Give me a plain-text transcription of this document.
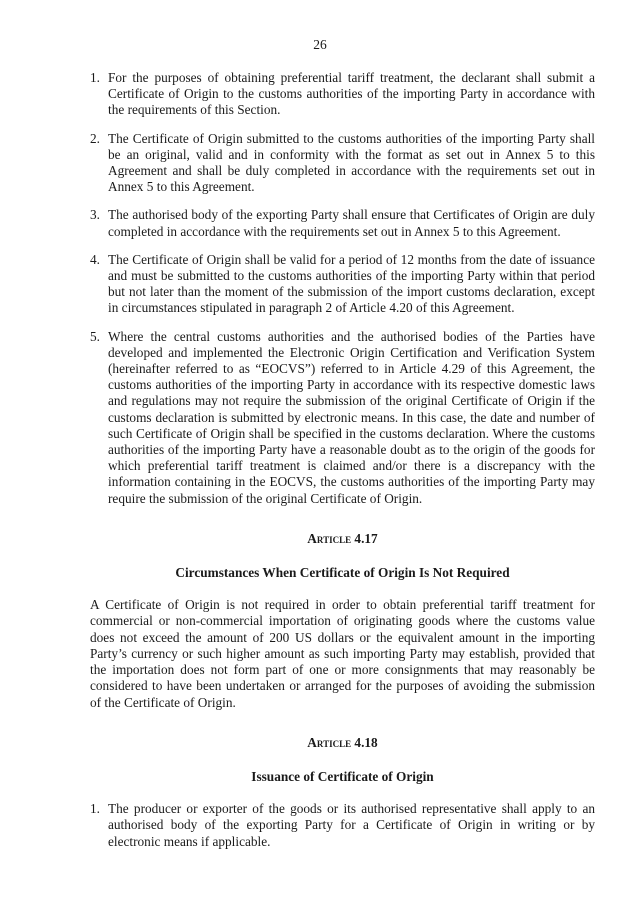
26
1. For the purposes of obtaining preferential tariff treatment, the declarant shall submit a Certificate of Origin to the customs authorities of the importing Party in accordance with the requirements of this Section.
2. The Certificate of Origin submitted to the customs authorities of the importing Party shall be an original, valid and in conformity with the format as set out in Annex 5 to this Agreement and shall be duly completed in accordance with the requirements set out in Annex 5 to this Agreement.
3. The authorised body of the exporting Party shall ensure that Certificates of Origin are duly completed in accordance with the requirements set out in Annex 5 to this Agreement.
4. The Certificate of Origin shall be valid for a period of 12 months from the date of issuance and must be submitted to the customs authorities of the importing Party within that period but not later than the moment of the submission of the import customs declaration, except in circumstances stipulated in paragraph 2 of Article 4.20 of this Agreement.
5. Where the central customs authorities and the authorised bodies of the Parties have developed and implemented the Electronic Origin Certification and Verification System (hereinafter referred to as “EOCVS”) referred to in Article 4.29 of this Agreement, the customs authorities of the importing Party in accordance with its respective domestic laws and regulations may not require the submission of the original Certificate of Origin if the customs declaration is submitted by electronic means. In this case, the date and number of such Certificate of Origin shall be specified in the customs declaration. Where the customs authorities of the importing Party have a reasonable doubt as to the origin of the goods for which preferential tariff treatment is claimed and/or there is a discrepancy with the information containing in the EOCVS, the customs authorities of the importing Party may require the submission of the original Certificate of Origin.
Article 4.17
Circumstances When Certificate of Origin Is Not Required

A Certificate of Origin is not required in order to obtain preferential tariff treatment for commercial or non-commercial importation of originating goods where the customs value does not exceed the amount of 200 US dollars or the equivalent amount in the importing Party’s currency or such higher amount as such importing Party may establish, provided that the importation does not form part of one or more consignments that may reasonably be considered to have been undertaken or arranged for the purposes of avoiding the submission of the Certificate of Origin.

Article 4.18
Issuance of Certificate of Origin
1. The producer or exporter of the goods or its authorised representative shall apply to an authorised body of the exporting Party for a Certificate of Origin in writing or by electronic means if applicable.
